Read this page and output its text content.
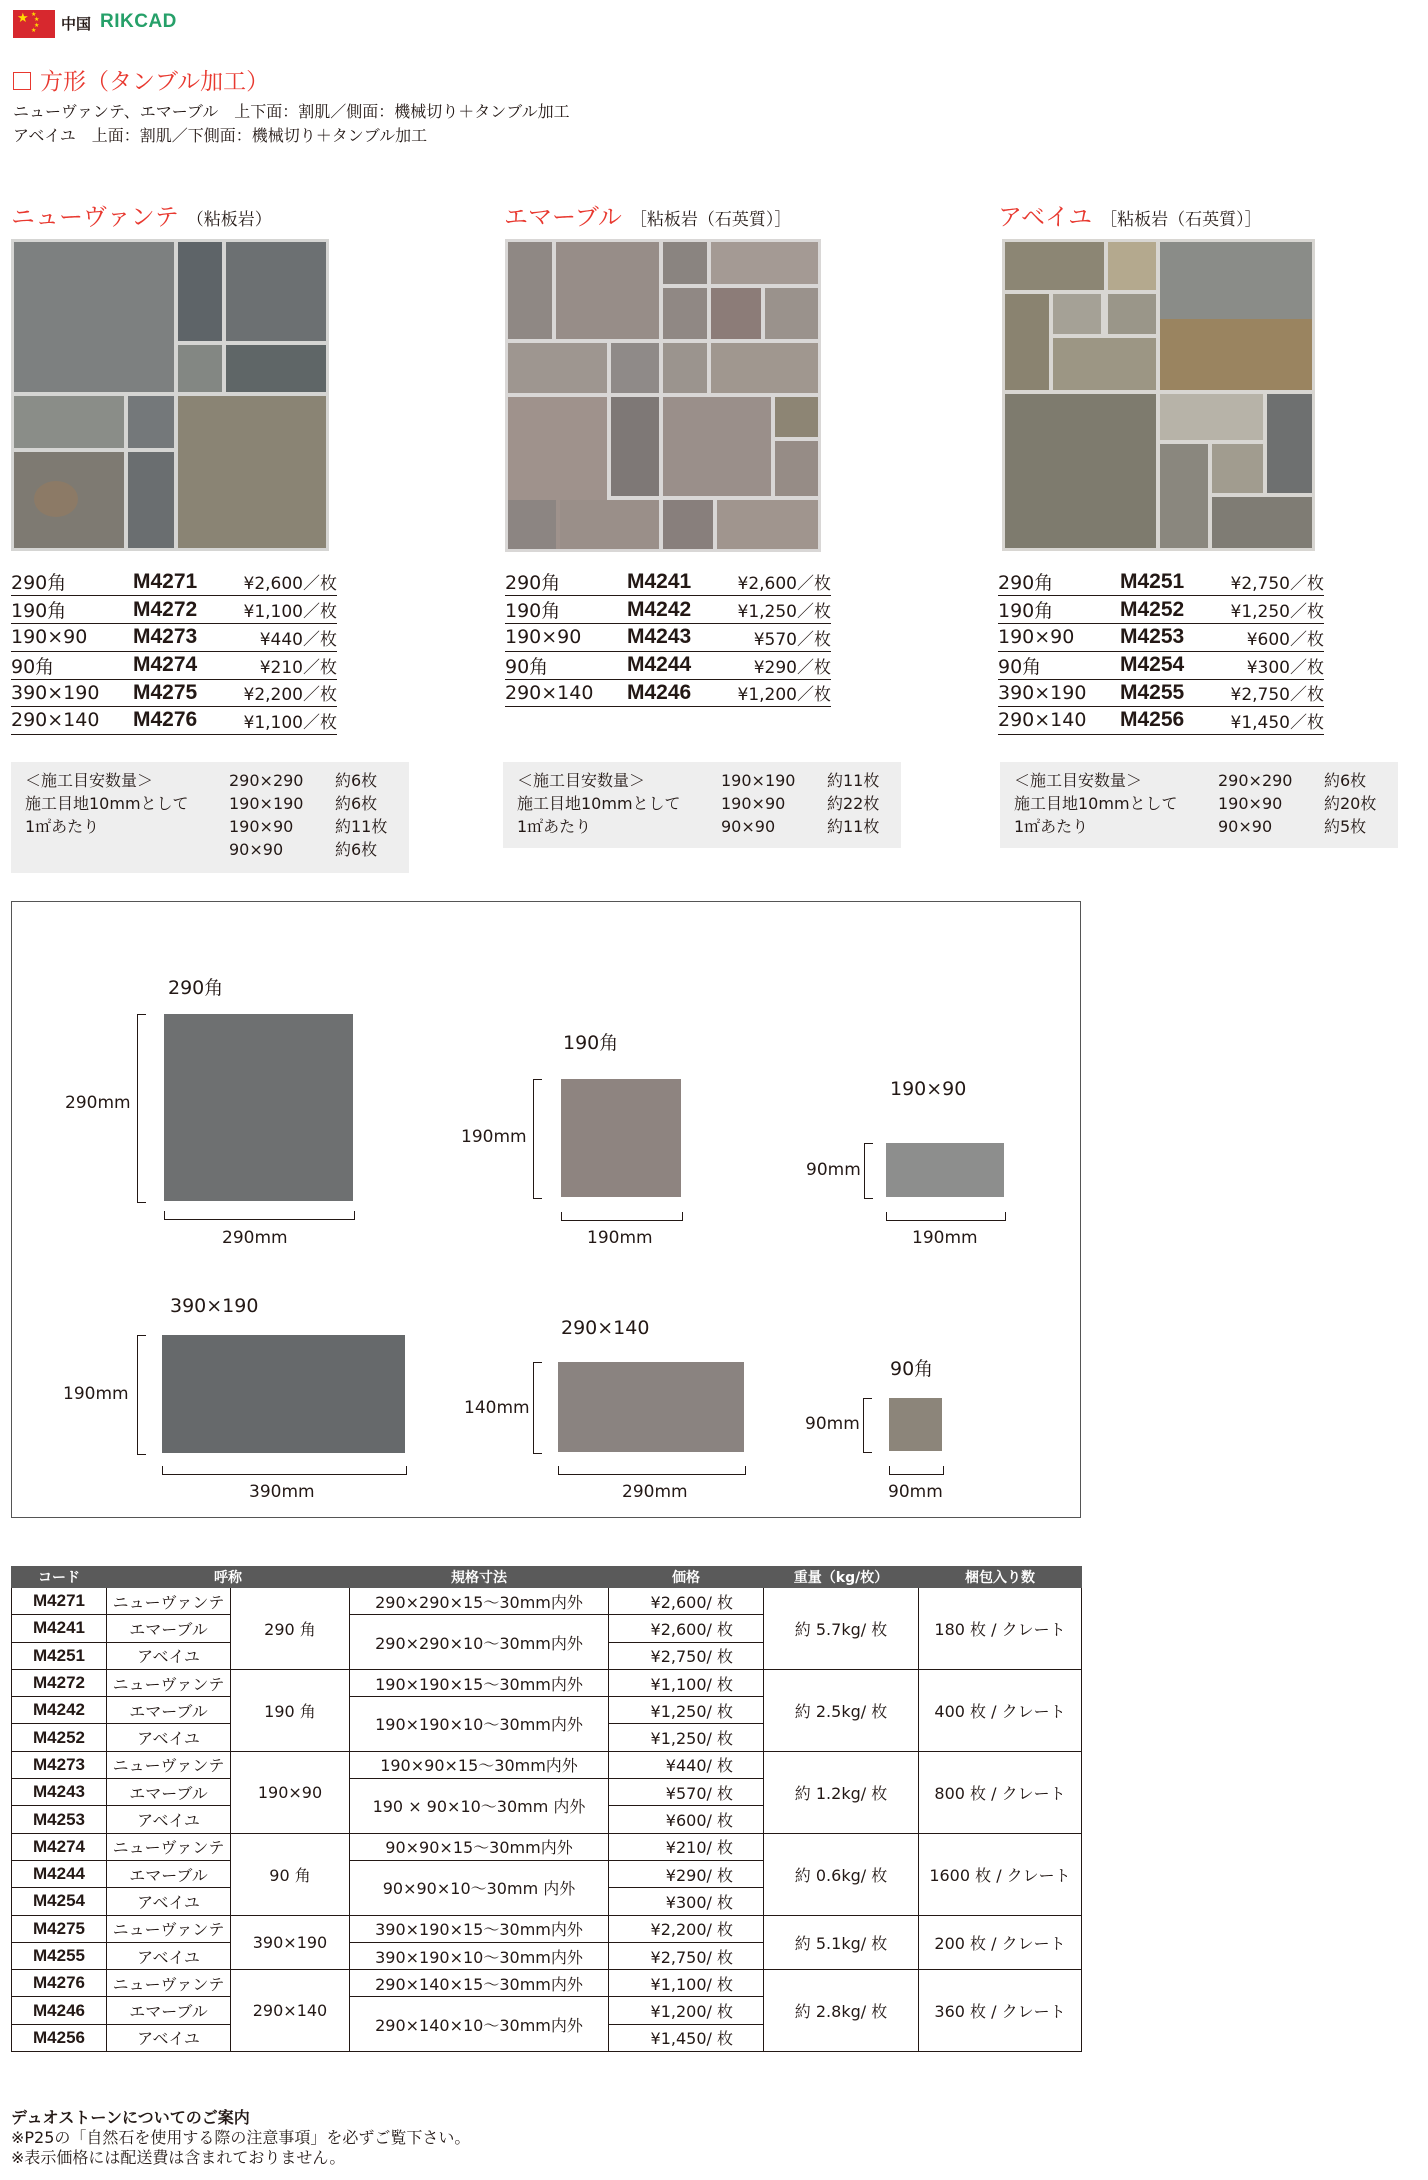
★ ★
★
★
★ 中国 RIKCAD
方形（タンブル加工）
ニューヴァンテ、エマーブル　上下面：割肌／側面：機械切り＋タンブル加工
アベイユ　上面：割肌／下側面：機械切り＋タンブル加工
ニューヴァンテ （粘板岩）
290角	M4271	¥2,600／枚
190角	M4272	¥1,100／枚
190×90	M4273	¥440／枚
90角	M4274	¥210／枚
390×190	M4275	¥2,200／枚
290×140	M4276	¥1,100／枚
＜施工目安数量＞
施工目地10mmとして
1㎡あたり
290×290 約6枚
190×190 約6枚
190×90	約11枚
90×90	約6枚
エマーブル ［粘板岩（石英質）］
290角	M4241	¥2,600／枚
190角	M4242	¥1,250／枚
190×90	M4243	¥570／枚
90角	M4244	¥290／枚
290×140	M4246	¥1,200／枚
＜施工目安数量＞
施工目地10mmとして
1㎡あたり
190×190 約11枚
190×90	約22枚
90×90	約11枚
アベイユ ［粘板岩（石英質）］
290角	M4251	¥2,750／枚
190角	M4252	¥1,250／枚
190×90	M4253	¥600／枚
90角	M4254	¥300／枚
390×190	M4255	¥2,750／枚
290×140	M4256	¥1,450／枚
＜施工目安数量＞
施工目地10mmとして
1㎡あたり
290×290 約6枚
190×90	約20枚
90×90	約5枚
290角
290mm
290mm
190角
190mm
190mm
190×90
90mm
190mm
390×190
190mm
390mm
290×140
140mm
290mm
90角
90mm
90mm
コード	呼称		規格寸法	価格	重量（kg/枚）	梱包入り数
M4271	ニューヴァンテ	290 角	290×290×15～30mm内外	¥2,600/ 枚	約 5.7kg/ 枚	180 枚 / クレート
M4241	エマーブル		290×290×10～30mm内外	¥2,600/ 枚		
M4251	アベイユ			¥2,750/ 枚		
M4272	ニューヴァンテ	190 角	190×190×15～30mm内外	¥1,100/ 枚	約 2.5kg/ 枚	400 枚 / クレート
M4242	エマーブル		190×190×10～30mm内外	¥1,250/ 枚		
M4252	アベイユ			¥1,250/ 枚		
M4273	ニューヴァンテ	190×90	190×90×15～30mm内外	¥440/ 枚	約 1.2kg/ 枚	800 枚 / クレート
M4243	エマーブル		190 × 90×10～30mm 内外	¥570/ 枚		
M4253	アベイユ			¥600/ 枚		
M4274	ニューヴァンテ	90 角	90×90×15～30mm内外	¥210/ 枚	約 0.6kg/ 枚	1600 枚 / クレート
M4244	エマーブル		90×90×10～30mm 内外	¥290/ 枚		
M4254	アベイユ			¥300/ 枚		
M4275	ニューヴァンテ	390×190	390×190×15～30mm内外	¥2,200/ 枚	約 5.1kg/ 枚	200 枚 / クレート
M4255	アベイユ		390×190×10～30mm内外	¥2,750/ 枚		
M4276	ニューヴァンテ	290×140	290×140×15～30mm内外	¥1,100/ 枚	約 2.8kg/ 枚	360 枚 / クレート
M4246	エマーブル		290×140×10～30mm内外	¥1,200/ 枚		
M4256	アベイユ			¥1,450/ 枚		
デュオストーンについてのご案内
※P25の「自然石を使用する際の注意事項」を必ずご覧下さい。
※表示価格には配送費は含まれておりません。
